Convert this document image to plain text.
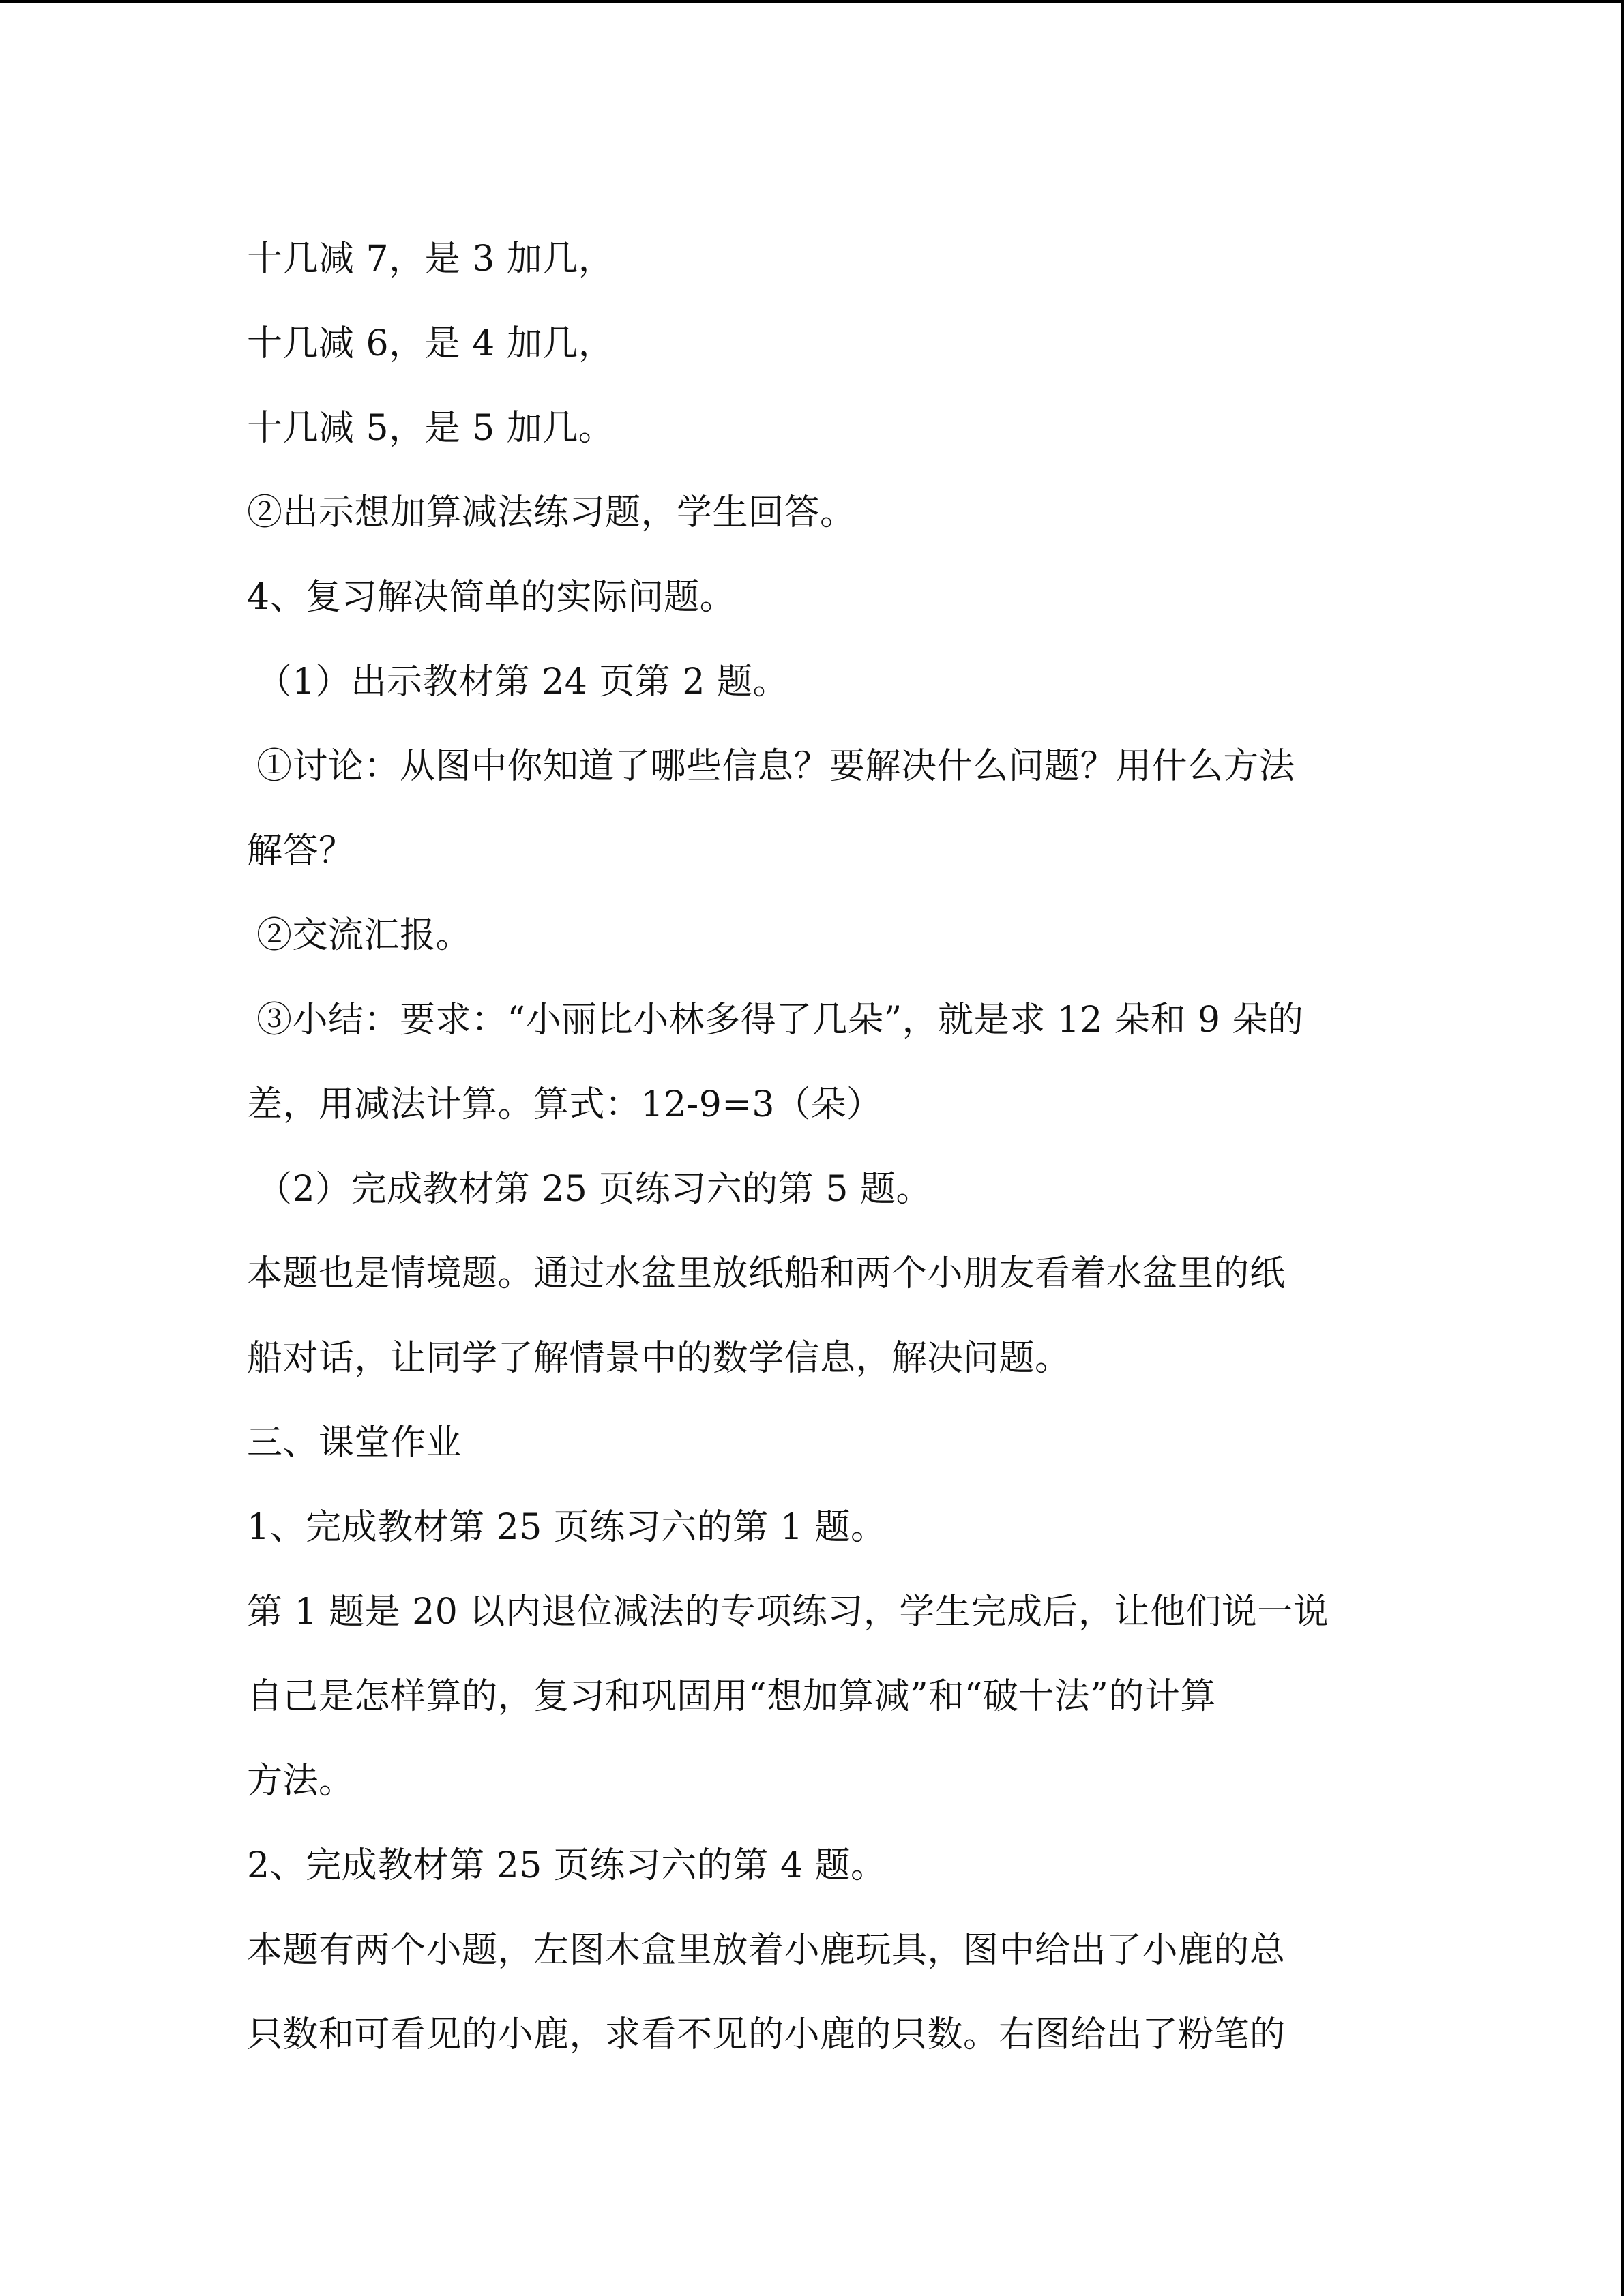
十几减 7，是 3 加几，
十几减 6，是 4 加几，
十几减 5，是 5 加几。
②出示想加算减法练习题，学生回答。
4、复习解决简单的实际问题。
（1）出示教材第 24 页第 2 题。
①讨论：从图中你知道了哪些信息？要解决什么问题？用什么方法
解答？
②交流汇报。
③小结：要求：“小丽比小林多得了几朵”，就是求 12 朵和 9 朵的
差，用减法计算。算式：12-9=3（朵）
（2）完成教材第 25 页练习六的第 5 题。
本题也是情境题。通过水盆里放纸船和两个小朋友看着水盆里的纸
船对话，让同学了解情景中的数学信息，解决问题。
三、课堂作业
1、完成教材第 25 页练习六的第 1 题。
第 1 题是 20 以内退位减法的专项练习，学生完成后，让他们说一说
自己是怎样算的，复习和巩固用“想加算减”和“破十法”的计算
方法。
2、完成教材第 25 页练习六的第 4 题。
本题有两个小题，左图木盒里放着小鹿玩具，图中给出了小鹿的总
只数和可看见的小鹿，求看不见的小鹿的只数。右图给出了粉笔的
